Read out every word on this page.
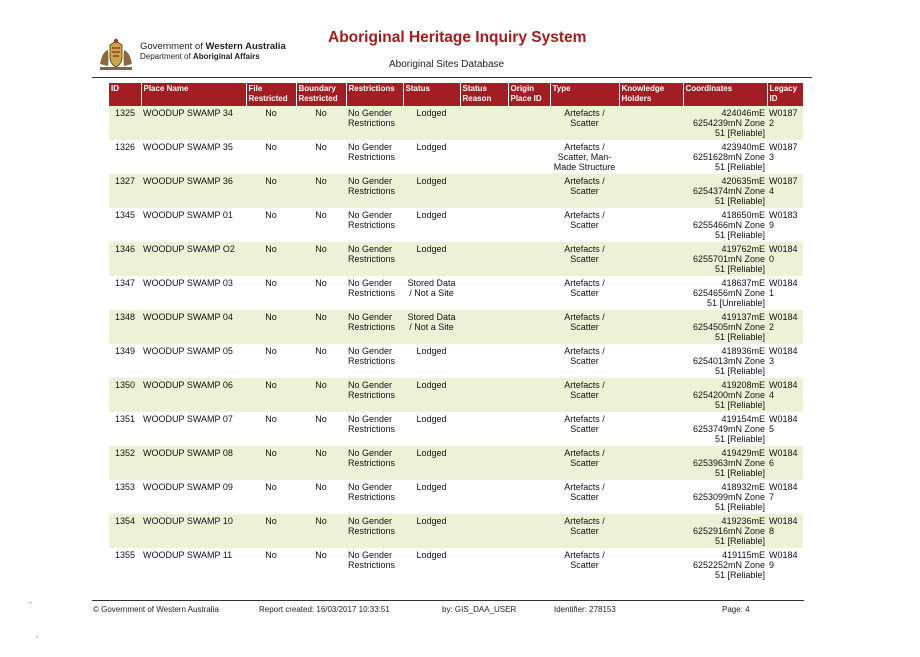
Government of Western Australia
Department of Aboriginal Affairs
Aboriginal Heritage Inquiry System
Aboriginal Sites Database
ID	Place Name	File Restricted	Boundary Restricted	Restrictions	Status	Status Reason	Origin Place ID	Type	Knowledge Holders	Coordinates	Legacy ID
1325	WOODUP SWAMP 34	No	No	No Gender Restrictions	Lodged			Artefacts / Scatter		424046mE 6254239mN Zone 51 [Reliable]	W0187 2
1326	WOODUP SWAMP 35	No	No	No Gender Restrictions	Lodged			Artefacts / Scatter, Man-Made Structure		423940mE 6251628mN Zone 51 [Reliable]	W0187 3
1327	WOODUP SWAMP 36	No	No	No Gender Restrictions	Lodged			Artefacts / Scatter		420635mE 6254374mN Zone 51 [Reliable]	W0187 4
1345	WOODUP SWAMP 01	No	No	No Gender Restrictions	Lodged			Artefacts / Scatter		418650mE 6255466mN Zone 51 [Reliable]	W0183 9
1346	WOODUP SWAMP O2	No	No	No Gender Restrictions	Lodged			Artefacts / Scatter		419762mE 6255701mN Zone 51 [Reliable]	W0184 0
1347	WOODUP SWAMP 03	No	No	No Gender Restrictions	Stored Data / Not a Site			Artefacts / Scatter		418637mE 6254656mN Zone 51 [Unreliable]	W0184 1
1348	WOODUP SWAMP 04	No	No	No Gender Restrictions	Stored Data / Not a Site			Artefacts / Scatter		419137mE 6254505mN Zone 51 [Reliable]	W0184 2
1349	WOODUP SWAMP 05	No	No	No Gender Restrictions	Lodged			Artefacts / Scatter		418936mE 6254013mN Zone 51 [Reliable]	W0184 3
1350	WOODUP SWAMP 06	No	No	No Gender Restrictions	Lodged			Artefacts / Scatter		419208mE 6254200mN Zone 51 [Reliable]	W0184 4
1351	WOODUP SWAMP 07	No	No	No Gender Restrictions	Lodged			Artefacts / Scatter		419154mE 6253749mN Zone 51 [Reliable]	W0184 5
1352	WOODUP SWAMP 08	No	No	No Gender Restrictions	Lodged			Artefacts / Scatter		419429mE 6253963mN Zone 51 [Reliable]	W0184 6
1353	WOODUP SWAMP 09	No	No	No Gender Restrictions	Lodged			Artefacts / Scatter		418932mE 6253099mN Zone 51 [Reliable]	W0184 7
1354	WOODUP SWAMP 10	No	No	No Gender Restrictions	Lodged			Artefacts / Scatter		419236mE 6252916mN Zone 51 [Reliable]	W0184 8
1355	WOODUP SWAMP 11	No	No	No Gender Restrictions	Lodged			Artefacts / Scatter		419115mE 6252252mN Zone 51 [Reliable]	W0184 9
© Government of Western Australia	Report created: 16/03/2017 10:33:51	by: GIS_DAA_USER	Identifier: 278153	Page: 4
-
,
